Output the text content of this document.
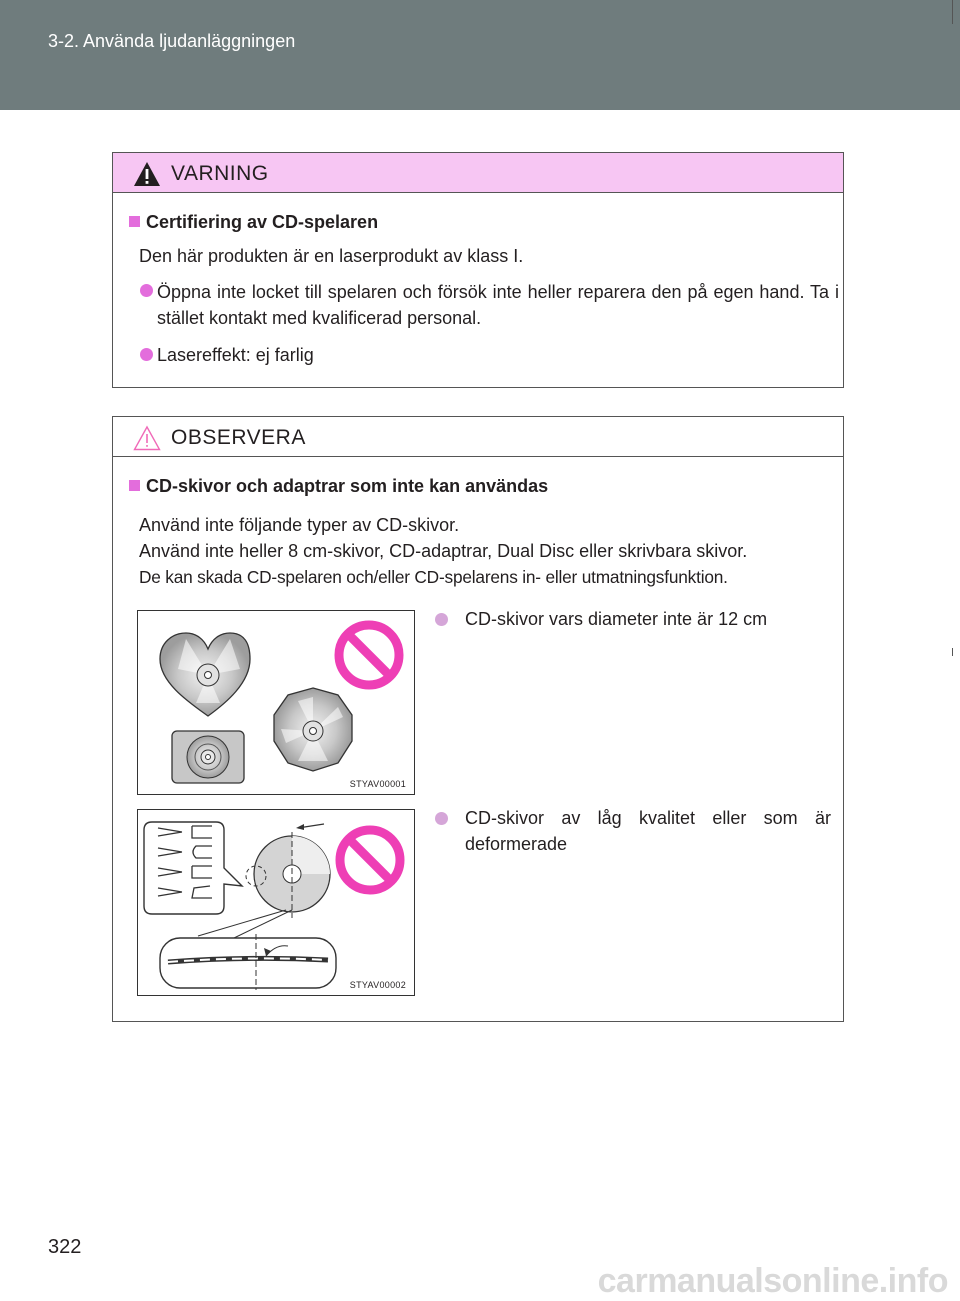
3-2. Använda ljudanläggningen
VARNING
Certifiering av CD-spelaren
Den här produkten är en laserprodukt av klass I.
Öppna inte locket till spelaren och försök inte heller reparera den på egen hand. Ta i stället kontakt med kvalificerad personal.
Lasereffekt: ej farlig
OBSERVERA
CD-skivor och adaptrar som inte kan användas
Använd inte följande typer av CD-skivor.
Använd inte heller 8 cm-skivor, CD-adaptrar, Dual Disc eller skrivbara skivor.
De kan skada CD-spelaren och/eller CD-spelarens in- eller utmatningsfunktion.
CD-skivor vars diameter inte är 12 cm
CD-skivor av låg kvalitet eller som är deformerade
STYAV00001
STYAV00002
322
carmanualsonline.info
